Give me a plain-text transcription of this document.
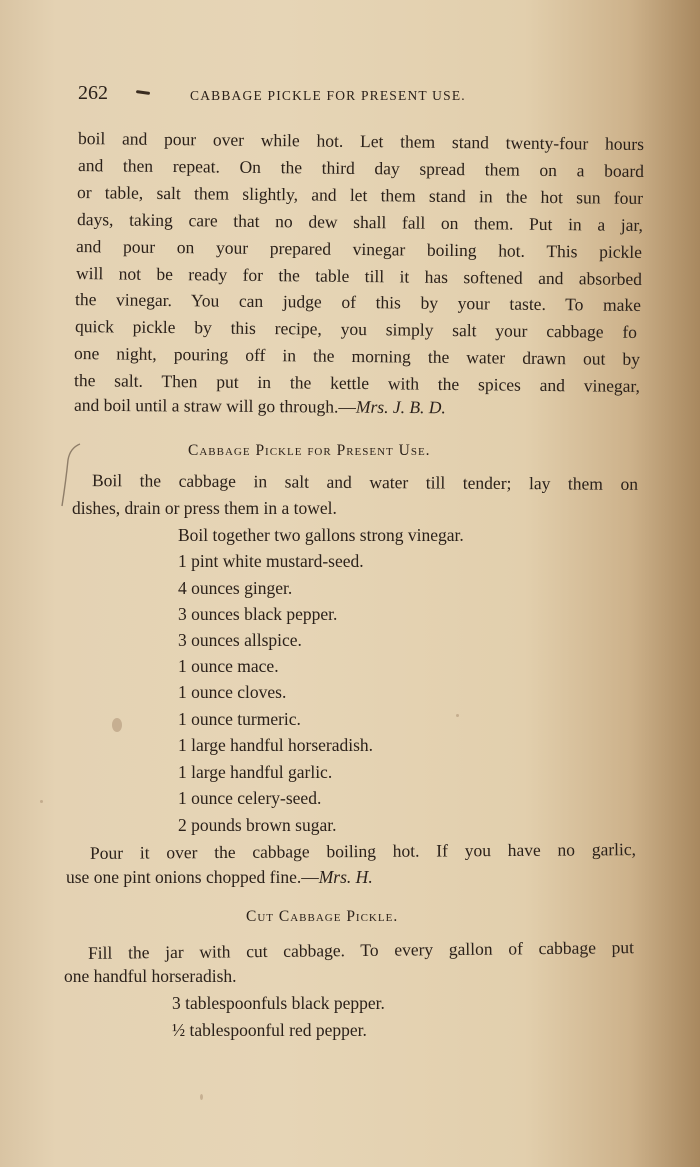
262	CABBAGE PICKLE FOR PRESENT USE.
boil and pour over while hot. Let them stand twenty-four hours
and then repeat. On the third day spread them on a board
or table, salt them slightly, and let them stand in the hot sun four
days, taking care that no dew shall fall on them. Put in a jar,
and pour on your prepared vinegar boiling hot. This pickle
will not be ready for the table till it has softened and absorbed
the vinegar. You can judge of this by your taste. To make
quick pickle by this recipe, you simply salt your cabbage fo
one night, pouring off in the morning the water drawn out by
the salt. Then put in the kettle with the spices and vinegar,
and boil until a straw will go through.—Mrs. J. B. D.
Cabbage Pickle for Present Use.
Boil the cabbage in salt and water till tender; lay them on
dishes, drain or press them in a towel.
Boil together two gallons strong vinegar.
1 pint white mustard-seed.
4 ounces ginger.
3 ounces black pepper.
3 ounces allspice.
1 ounce mace.
1 ounce cloves.
1 ounce turmeric.
1 large handful horseradish.
1 large handful garlic.
1 ounce celery-seed.
2 pounds brown sugar.
Pour it over the cabbage boiling hot. If you have no garlic,
use one pint onions chopped fine.—Mrs. H.
Cut Cabbage Pickle.
Fill the jar with cut cabbage. To every gallon of cabbage put
one handful horseradish.
3 tablespoonfuls black pepper.
½ tablespoonful red pepper.
